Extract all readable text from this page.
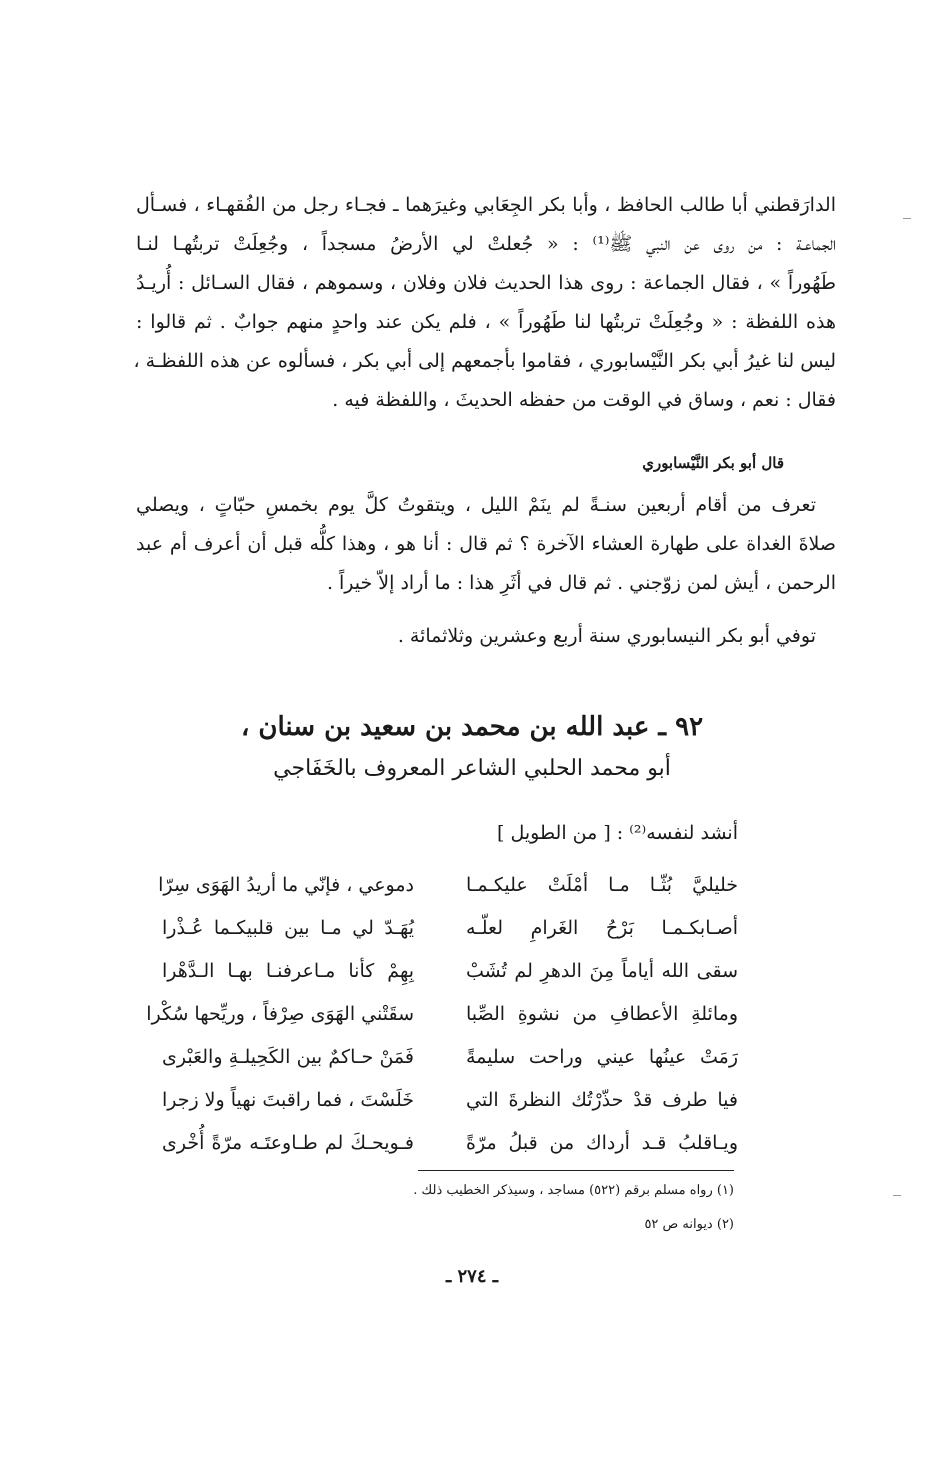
الدارَقطني أبا طالب الحافظ ، وأبا بكر الجِعَابي وغيرَهما ـ فجـاء رجل من الفُقهـاء ، فسـأل
الجماعـة : من روى عن النبي ﷺ⁽¹⁾ : « جُعلتْ لي الأرضُ مسجداً ، وجُعِلَتْ تربتُهـا لنـا
طَهُوراً » ، فقال الجماعة : روى هذا الحديث فلان وفلان ، وسموهم ، فقال السـائل : أُريـدُ
هذه اللفظة : « وجُعِلَتْ تربتُها لنا طَهُوراً » ، فلم يكن عند واحدٍ منهم جوابٌ . ثم قالوا :
ليس لنا غيرُ أبي بكر النَّيْسابوري ، فقاموا بأجمعهم إلى أبي بكر ، فسألوه عن هذه اللفظـة ،
فقال : نعم ، وساق في الوقت من حفظه الحديثَ ، واللفظة فيه .
قال أبو بكر النَّيْسابوري
تعرف من أقام أربعين سنـةً لم ينَمْ الليل ، ويتقوتُ كلَّ يوم بخمسِ حبّاتٍ ، ويصلي
صلاةَ الغداة على طهارة العشاء الآخرة ؟ ثم قال : أنا هو ، وهذا كلُّه قبل أن أعرف أم عبد
الرحمن ، أيش لمن زوّجني . ثم قال في أثَرِ هذا : ما أراد إلاّ خيراً .
توفي أبو بكر النيسابوري سنة أربع وعشرين وثلاثمائة .
٩٢ ـ عبد الله بن محمد بن سعيد بن سنان ،
أبو محمد الحلبي الشاعر المعروف بالخَفَاجي
أنشد لنفسه⁽²⁾ : [ من الطويل ]
خليليَّ بُثّـا مـا أمْلَتْ عليكـمـا
دموعي ، فإنّي ما أريدُ الهَوَى سِرّا
أصـابكـمـا بَرْحُ الغَرامِ لعلّـه
يُهَـدّ لي مـا بين قلبيكـما عُـذْرا
سقى الله أياماً مِنَ الدهرِ لم تُشَبْ
بِهِمْ كأنا مـاعرفنـا بهـا الـدَّهْرا
ومائلةِ الأعطافِ من نشوةِ الصِّبا
سقَتْني الهَوَى صِرْفاً ، وريِّحها سُكْرا
رَمَتْ عينُها عيني وراحت سليمةً
فَمَنْ حـاكمٌ بين الكَحِيلـةِ والعَبْرى
فيا طرف قدْ حذّرْتُك النظرةَ التي
خَلَسْتَ ، فما راقبتَ نهياً ولا زجرا
ويـاقلبُ قـد أرداك من قبلُ مرّةً
فـويحـكَ لم طـاوعتَـه مرّةً أُخْرى
(١) رواه مسلم برقم (٥٢٢) مساجد ، وسيذكر الخطيب ذلك .
(٢) ديوانه ص ٥٢
ـ ٢٧٤ ـ
